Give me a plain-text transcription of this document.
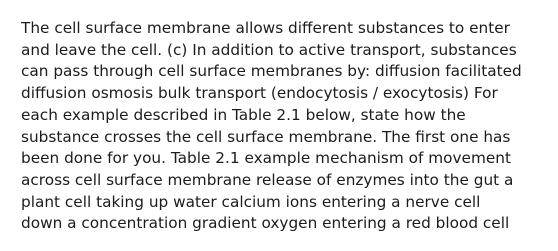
The cell surface membrane allows different substances to enter
and leave the cell. (c) In addition to active transport, substances
can pass through cell surface membranes by: diffusion facilitated
diffusion osmosis bulk transport (endocytosis / exocytosis) For
each example described in Table 2.1 below, state how the
substance crosses the cell surface membrane. The first one has
been done for you. Table 2.1 example mechanism of movement
across cell surface membrane release of enzymes into the gut a
plant cell taking up water calcium ions entering a nerve cell
down a concentration gradient oxygen entering a red blood cell
